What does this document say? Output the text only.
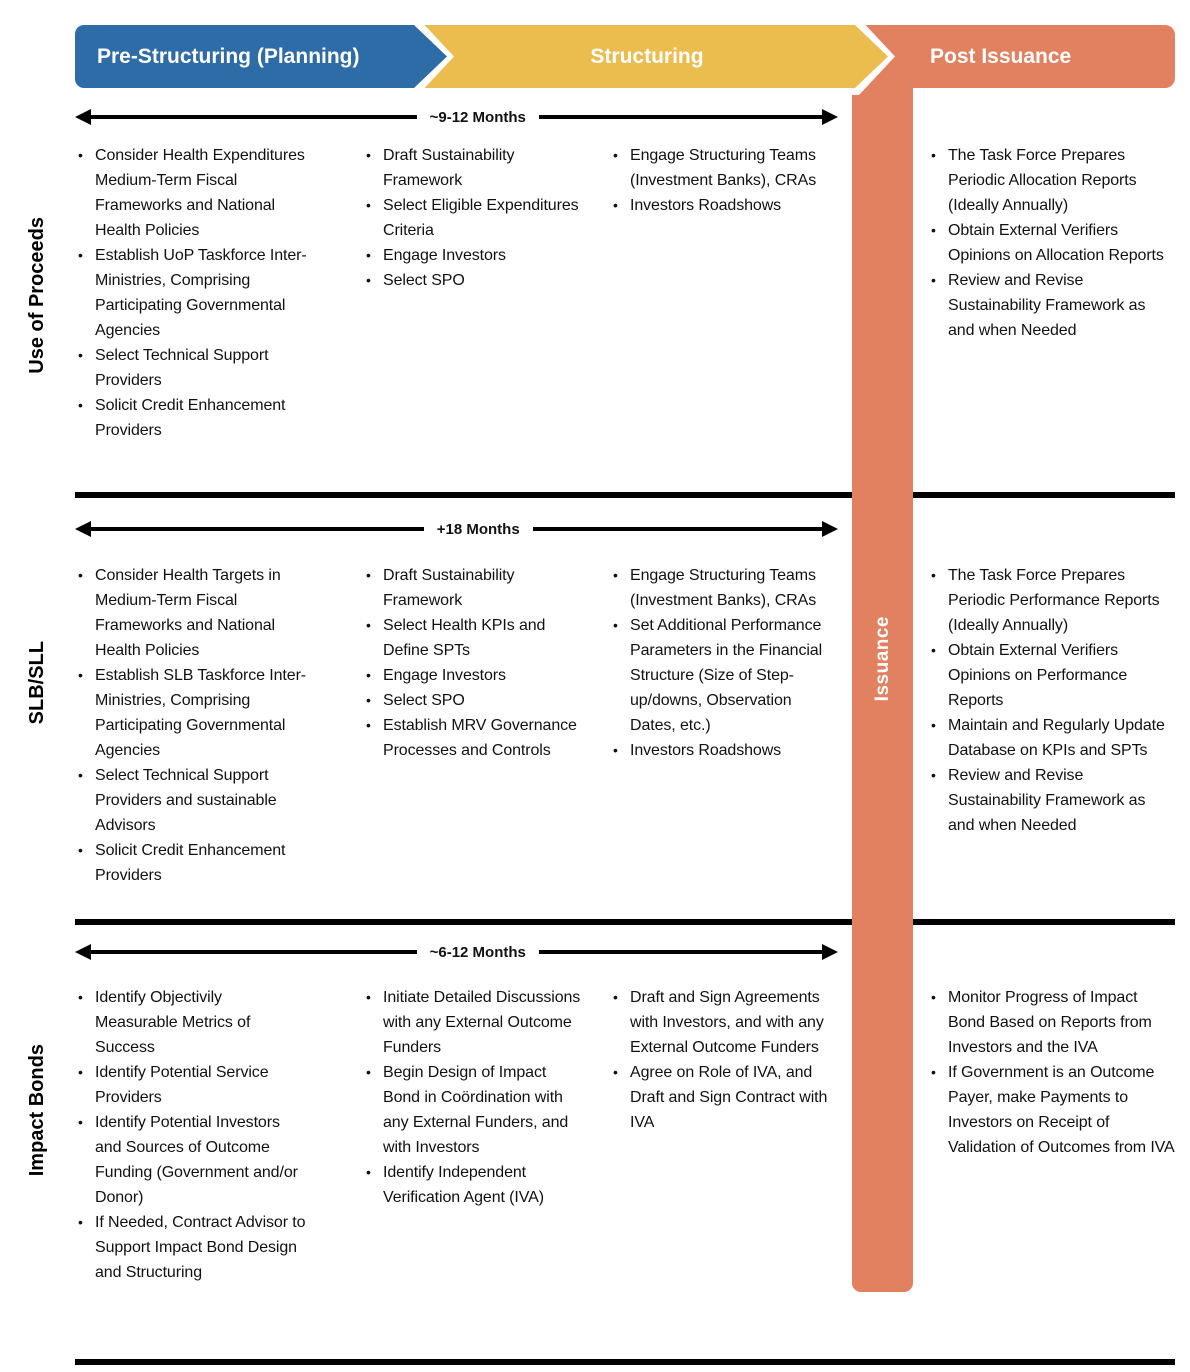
Pre-Structuring (Planning)	Structuring	Post Issuance
Issuance
Use of Proceeds
SLB/SLL
Impact Bonds
~9-12 Months
+18 Months
~6-12 Months
• Consider Health Expenditures Medium-Term Fiscal Frameworks and National Health Policies
• Establish UoP Taskforce Inter-Ministries, Comprising Participating Governmental Agencies
• Select Technical Support Providers
• Solicit Credit Enhancement Providers
• Draft Sustainability Framework
• Select Eligible Expenditures Criteria
• Engage Investors
• Select SPO
• Engage Structuring Teams (Investment Banks), CRAs
• Investors Roadshows
• The Task Force Prepares Periodic Allocation Reports (Ideally Annually)
• Obtain External Verifiers Opinions on Allocation Reports
• Review and Revise Sustainability Framework as and when Needed
• Consider Health Targets in Medium-Term Fiscal Frameworks and National Health Policies
• Establish SLB Taskforce Inter-Ministries, Comprising Participating Governmental Agencies
• Select Technical Support Providers and sustainable Advisors
• Solicit Credit Enhancement Providers
• Draft Sustainability Framework
• Select Health KPIs and Define SPTs
• Engage Investors
• Select SPO
• Establish MRV Governance Processes and Controls
• Engage Structuring Teams (Investment Banks), CRAs
• Set Additional Performance Parameters in the Financial Structure (Size of Step-up/downs, Observation Dates, etc.)
• Investors Roadshows
• The Task Force Prepares Periodic Performance Reports (Ideally Annually)
• Obtain External Verifiers Opinions on Performance Reports
• Maintain and Regularly Update Database on KPIs and SPTs
• Review and Revise Sustainability Framework as and when Needed
• Identify Objectivily Measurable Metrics of Success
• Identify Potential Service Providers
• Identify Potential Investors and Sources of Outcome Funding (Government and/or Donor)
• If Needed, Contract Advisor to Support Impact Bond Design and Structuring
• Initiate Detailed Discussions with any External Outcome Funders
• Begin Design of Impact Bond in Coördination with any External Funders, and with Investors
• Identify Independent Verification Agent (IVA)
• Draft and Sign Agreements with Investors, and with any External Outcome Funders
• Agree on Role of IVA, and Draft and Sign Contract with IVA
• Monitor Progress of Impact Bond Based on Reports from Investors and the IVA
• If Government is an Outcome Payer, make Payments to Investors on Receipt of Validation of Outcomes from IVA
